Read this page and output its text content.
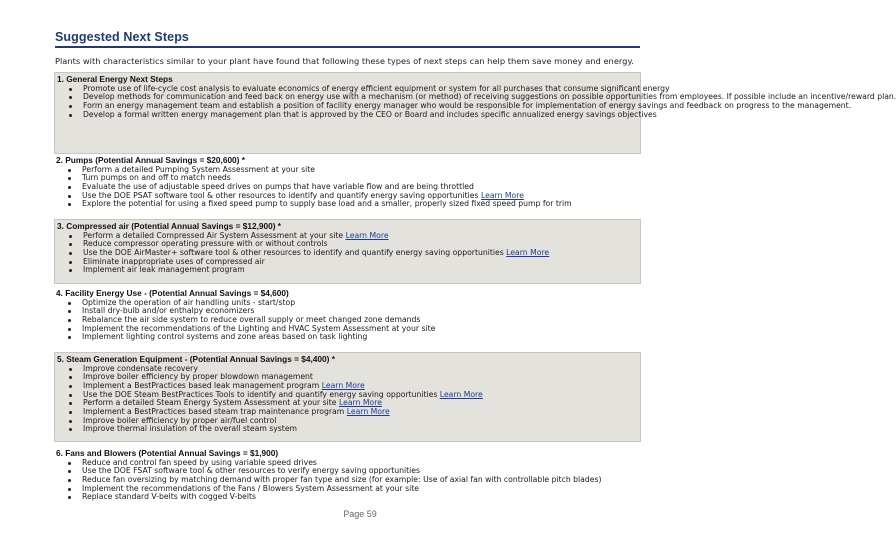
Suggested Next Steps
Plants with characteristics similar to your plant have found that following these types of next steps can help them save money and energy.
1. General Energy Next Steps
Promote use of life-cycle cost analysis to evaluate economics of energy efficient equipment or system for all purchases that consume significant energy
Develop methods for communication and feed back on energy use with a mechanism (or method) of receiving suggestions on possible opportunities from employees. If possible include an incentive/reward plan.
Form an energy management team and establish a position of facility energy manager who would be responsible for implementation of energy savings and feedback on progress to the management.
Develop a formal written energy management plan that is approved by the CEO or Board and includes specific annualized energy savings objectives
2. Pumps (Potential Annual Savings = $20,600) *
Perform a detailed Pumping System Assessment at your site
Turn pumps on and off to match needs
Evaluate the use of adjustable speed drives on pumps that have variable flow and are being throttled
Use the DOE PSAT software tool & other resources to identify and quantify energy saving opportunities Learn More
Explore the potential for using a fixed speed pump to supply base load and a smaller, properly sized fixed speed pump for trim
3. Compressed air (Potential Annual Savings = $12,900) *
Perform a detailed Compressed Air System Assessment at your site Learn More
Reduce compressor operating pressure with or without controls
Use the DOE AirMaster+ software tool & other resources to identify and quantify energy saving opportunities Learn More
Eliminate inappropriate uses of compressed air
Implement air leak management program
4. Facility Energy Use - (Potential Annual Savings = $4,600)
Optimize the operation of air handling units - start/stop
Install dry-bulb and/or enthalpy economizers
Rebalance the air side system to reduce overall supply or meet changed zone demands
Implement the recommendations of the Lighting and HVAC System Assessment at your site
Implement lighting control systems and zone areas based on task lighting
5. Steam Generation Equipment - (Potential Annual Savings = $4,400) *
Improve condensate recovery
Improve boiler efficiency by proper blowdown management
Implement a BestPractices based leak management program Learn More
Use the DOE Steam BestPractices Tools to identify and quantify energy saving opportunities Learn More
Perform a detailed Steam Energy System Assessment at your site Learn More
Implement a BestPractices based steam trap maintenance program Learn More
Improve boiler efficiency by proper air/fuel control
Improve thermal insulation of the overall steam system
6. Fans and Blowers (Potential Annual Savings = $1,900)
Reduce and control fan speed by using variable speed drives
Use the DOE FSAT software tool & other resources to verify energy saving opportunities
Reduce fan oversizing by matching demand with proper fan type and size (for example: Use of axial fan with controllable pitch blades)
Implement the recommendations of the Fans / Blowers System Assessment at your site
Replace standard V-belts with cogged V-belts
Page 59
